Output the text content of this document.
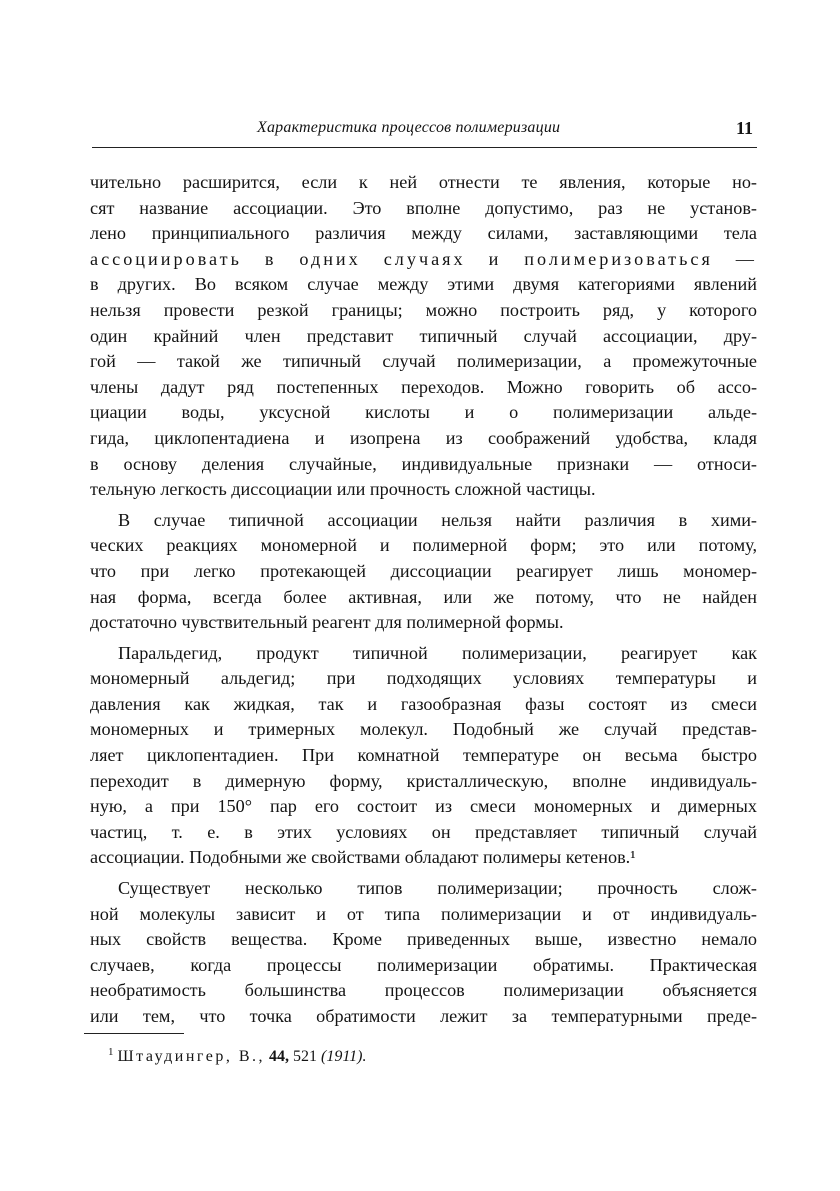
Характеристика процессов полимеризации	11
чительно расширится, если к ней отнести те явления, которые но-
сят название ассоциации. Это вполне допустимо, раз не установ-
лено принципиального различия между силами, заставляющими тела
ассоциировать в одних случаях и полимеризоваться —
в других. Во всяком случае между этими двумя категориями явлений
нельзя провести резкой границы; можно построить ряд, у которого
один крайний член представит типичный случай ассоциации, дру-
гой — такой же типичный случай полимеризации, а промежуточные
члены дадут ряд постепенных переходов. Можно говорить об ассо-
циации воды, уксусной кислоты и о полимеризации альде-
гида, циклопентадиена и изопрена из соображений удобства, кладя
в основу деления случайные, индивидуальные признаки — относи-
тельную легкость диссоциации или прочность сложной частицы.
В случае типичной ассоциации нельзя найти различия в хими-
ческих реакциях мономерной и полимерной форм; это или потому,
что при легко протекающей диссоциации реагирует лишь мономер-
ная форма, всегда более активная, или же потому, что не найден
достаточно чувствительный реагент для полимерной формы.
Паральдегид, продукт типичной полимеризации, реагирует как
мономерный альдегид; при подходящих условиях температуры и
давления как жидкая, так и газообразная фазы состоят из смеси
мономерных и тримерных молекул. Подобный же случай представ-
ляет циклопентадиен. При комнатной температуре он весьма быстро
переходит в димерную форму, кристаллическую, вполне индивидуаль-
ную, а при 150° пар его состоит из смеси мономерных и димерных
частиц, т. е. в этих условиях он представляет типичный случай
ассоциации. Подобными же свойствами обладают полимеры кетенов.¹
Существует несколько типов полимеризации; прочность слож-
ной молекулы зависит и от типа полимеризации и от индивидуаль-
ных свойств вещества. Кроме приведенных выше, известно немало
случаев, когда процессы полимеризации обратимы. Практическая
необратимость большинства процессов полимеризации объясняется
или тем, что точка обратимости лежит за температурными преде-
$^1$ Штаудингер, В., 44, 521 (1911).
